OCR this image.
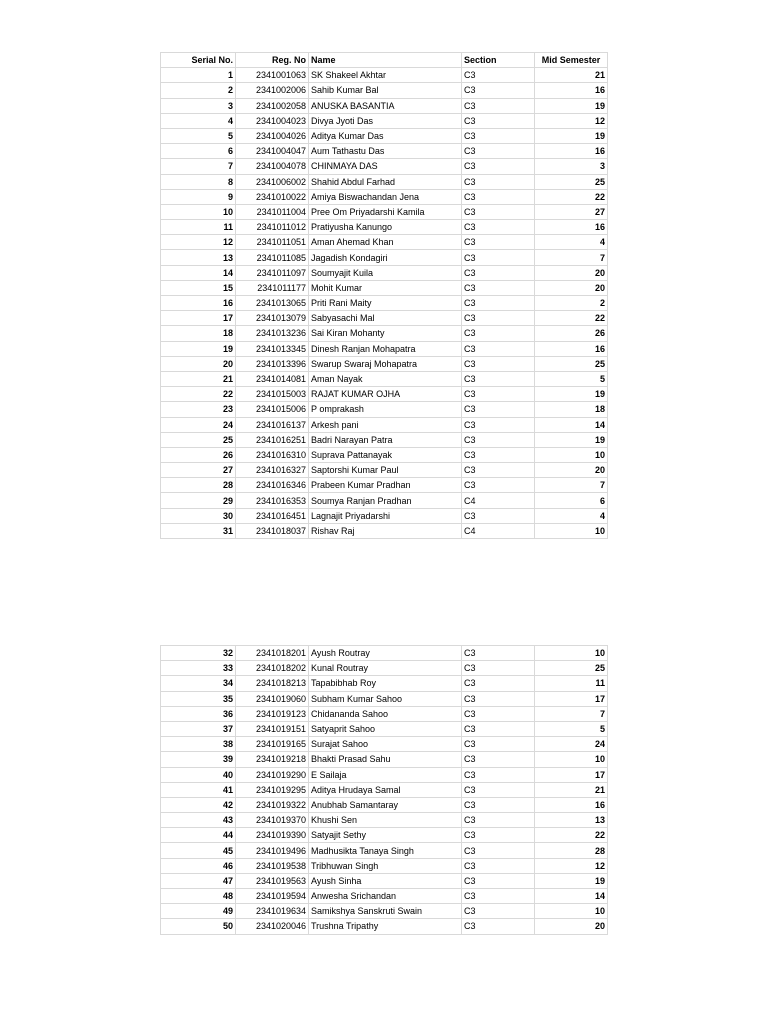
Serial No.	Reg. No	Name	Section	Mid Semester
1	2341001063	SK Shakeel Akhtar	C3	21
2	2341002006	Sahib Kumar Bal	C3	16
3	2341002058	ANUSKA BASANTIA	C3	19
4	2341004023	Divya Jyoti Das	C3	12
5	2341004026	Aditya Kumar Das	C3	19
6	2341004047	Aum Tathastu Das	C3	16
7	2341004078	CHINMAYA DAS	C3	3
8	2341006002	Shahid Abdul Farhad	C3	25
9	2341010022	Amiya Biswachandan Jena	C3	22
10	2341011004	Pree Om Priyadarshi Kamila	C3	27
11	2341011012	Pratiyusha Kanungo	C3	16
12	2341011051	Aman Ahemad Khan	C3	4
13	2341011085	Jagadish Kondagiri	C3	7
14	2341011097	Soumyajit Kuila	C3	20
15	2341011177	Mohit Kumar	C3	20
16	2341013065	Priti Rani Maity	C3	2
17	2341013079	Sabyasachi Mal	C3	22
18	2341013236	Sai Kiran Mohanty	C3	26
19	2341013345	Dinesh Ranjan Mohapatra	C3	16
20	2341013396	Swarup Swaraj Mohapatra	C3	25
21	2341014081	Aman Nayak	C3	5
22	2341015003	RAJAT KUMAR OJHA	C3	19
23	2341015006	P omprakash	C3	18
24	2341016137	Arkesh pani	C3	14
25	2341016251	Badri Narayan Patra	C3	19
26	2341016310	Suprava Pattanayak	C3	10
27	2341016327	Saptorshi Kumar Paul	C3	20
28	2341016346	Prabeen Kumar Pradhan	C3	7
29	2341016353	Soumya Ranjan Pradhan	C4	6
30	2341016451	Lagnajit Priyadarshi	C3	4
31	2341018037	Rishav Raj	C4	10
32	2341018201	Ayush Routray	C3	10
33	2341018202	Kunal Routray	C3	25
34	2341018213	Tapabibhab Roy	C3	11
35	2341019060	Subham Kumar Sahoo	C3	17
36	2341019123	Chidananda Sahoo	C3	7
37	2341019151	Satyaprit Sahoo	C3	5
38	2341019165	Surajat Sahoo	C3	24
39	2341019218	Bhakti Prasad Sahu	C3	10
40	2341019290	E Sailaja	C3	17
41	2341019295	Aditya Hrudaya Samal	C3	21
42	2341019322	Anubhab Samantaray	C3	16
43	2341019370	Khushi Sen	C3	13
44	2341019390	Satyajit Sethy	C3	22
45	2341019496	Madhusikta Tanaya Singh	C3	28
46	2341019538	Tribhuwan Singh	C3	12
47	2341019563	Ayush Sinha	C3	19
48	2341019594	Anwesha Srichandan	C3	14
49	2341019634	Samikshya Sanskruti Swain	C3	10
50	2341020046	Trushna Tripathy	C3	20
